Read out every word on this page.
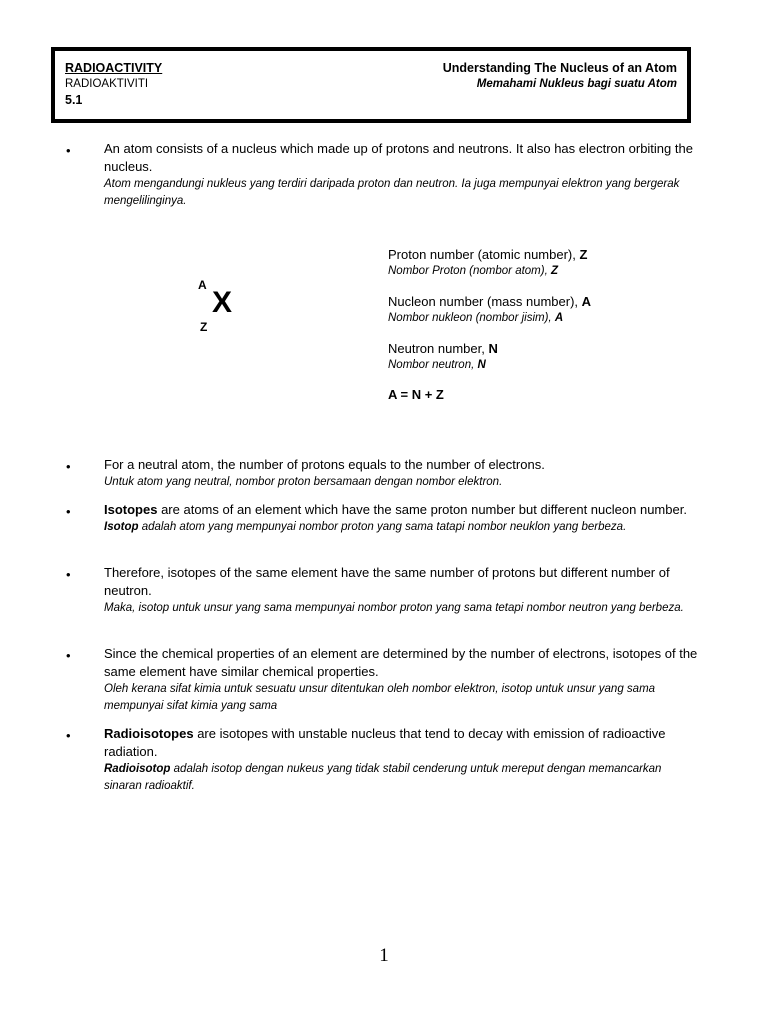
RADIOACTIVITY	Understanding The Nucleus of an Atom
RADIOAKTIVITI	Memahami Nukleus bagi suatu Atom
5.1
•	An atom consists of a nucleus which made up of protons and neutrons. It also has electron orbiting the nucleus.
Atom mengandungi nukleus yang terdiri daripada proton dan neutron. Ia juga mempunyai elektron yang bergerak mengelilinginya.
A
X
Z
Proton number (atomic number), Z
Nombor Proton (nombor atom), Z
Nucleon number (mass number), A
Nombor nukleon (nombor jisim), A
Neutron number, N
Nombor neutron, N
A = N + Z
•	For a neutral atom, the number of protons equals to the number of electrons.
Untuk atom yang neutral, nombor proton bersamaan dengan nombor elektron.
•	Isotopes are atoms of an element which have the same proton number but different nucleon number.
Isotop adalah atom yang mempunyai nombor proton yang sama tatapi nombor neuklon yang berbeza.
•	Therefore, isotopes of the same element have the same number of protons but different number of neutron.
Maka, isotop untuk unsur yang sama mempunyai nombor proton yang sama tetapi nombor neutron yang berbeza.
•	Since the chemical properties of an element are determined by the number of electrons, isotopes of the same element have similar chemical properties.
Oleh kerana sifat kimia untuk sesuatu unsur ditentukan oleh nombor elektron, isotop untuk unsur yang sama mempunyai sifat kimia yang sama
•	Radioisotopes are isotopes with unstable nucleus that tend to decay with emission of radioactive radiation.
Radioisotop adalah isotop dengan nukeus yang tidak stabil cenderung untuk mereput dengan memancarkan sinaran radioaktif.
1
